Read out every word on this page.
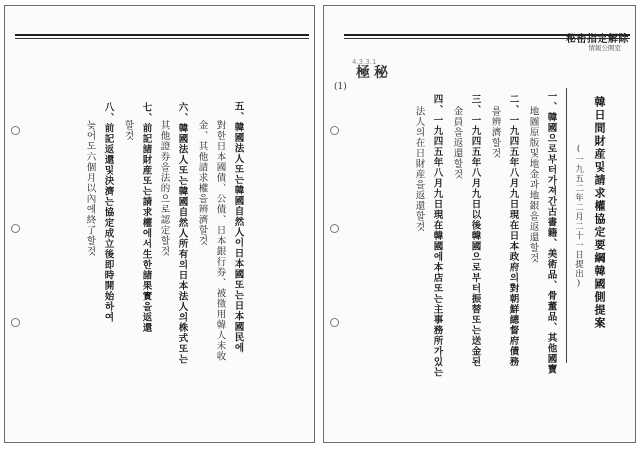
五、韓國法人또는韓國自然人이日本國또는日本國民에
對한日本國債、公債、日本銀行券、被徵用韓人未收
金、其他請求權을辨濟할것
六、韓國法人또는韓國自然人所有의日本法人의株式또는
其他證券을法的으로認定할것
七、前記諸財産또는請求權에서生한諸果實을返還
할것
八、前記返還및決濟는協定成立後即時開始하여
늦어도六個月以內에終了할것
秘密指定解除
情報公開室
4.3.3.1
極秘
(1)
韓日間財産및請求權協定要綱韓國側提案
(一九五二年二月二十一日提出)
一、韓國으로부터가져간古書籍、美術品、骨董品、其他國寶
地圖原版및地金과地銀을返還할것
二、一九四五年八月九日現在日本政府의對朝鮮總督府債務
를辨濟할것
三、一九四五年八月九日以後韓國으로부터振替또는送金된
金員을返還할것
四、一九四五年八月九日現在韓國에本店또는主事務所가있는
法人의在日財産을返還할것
